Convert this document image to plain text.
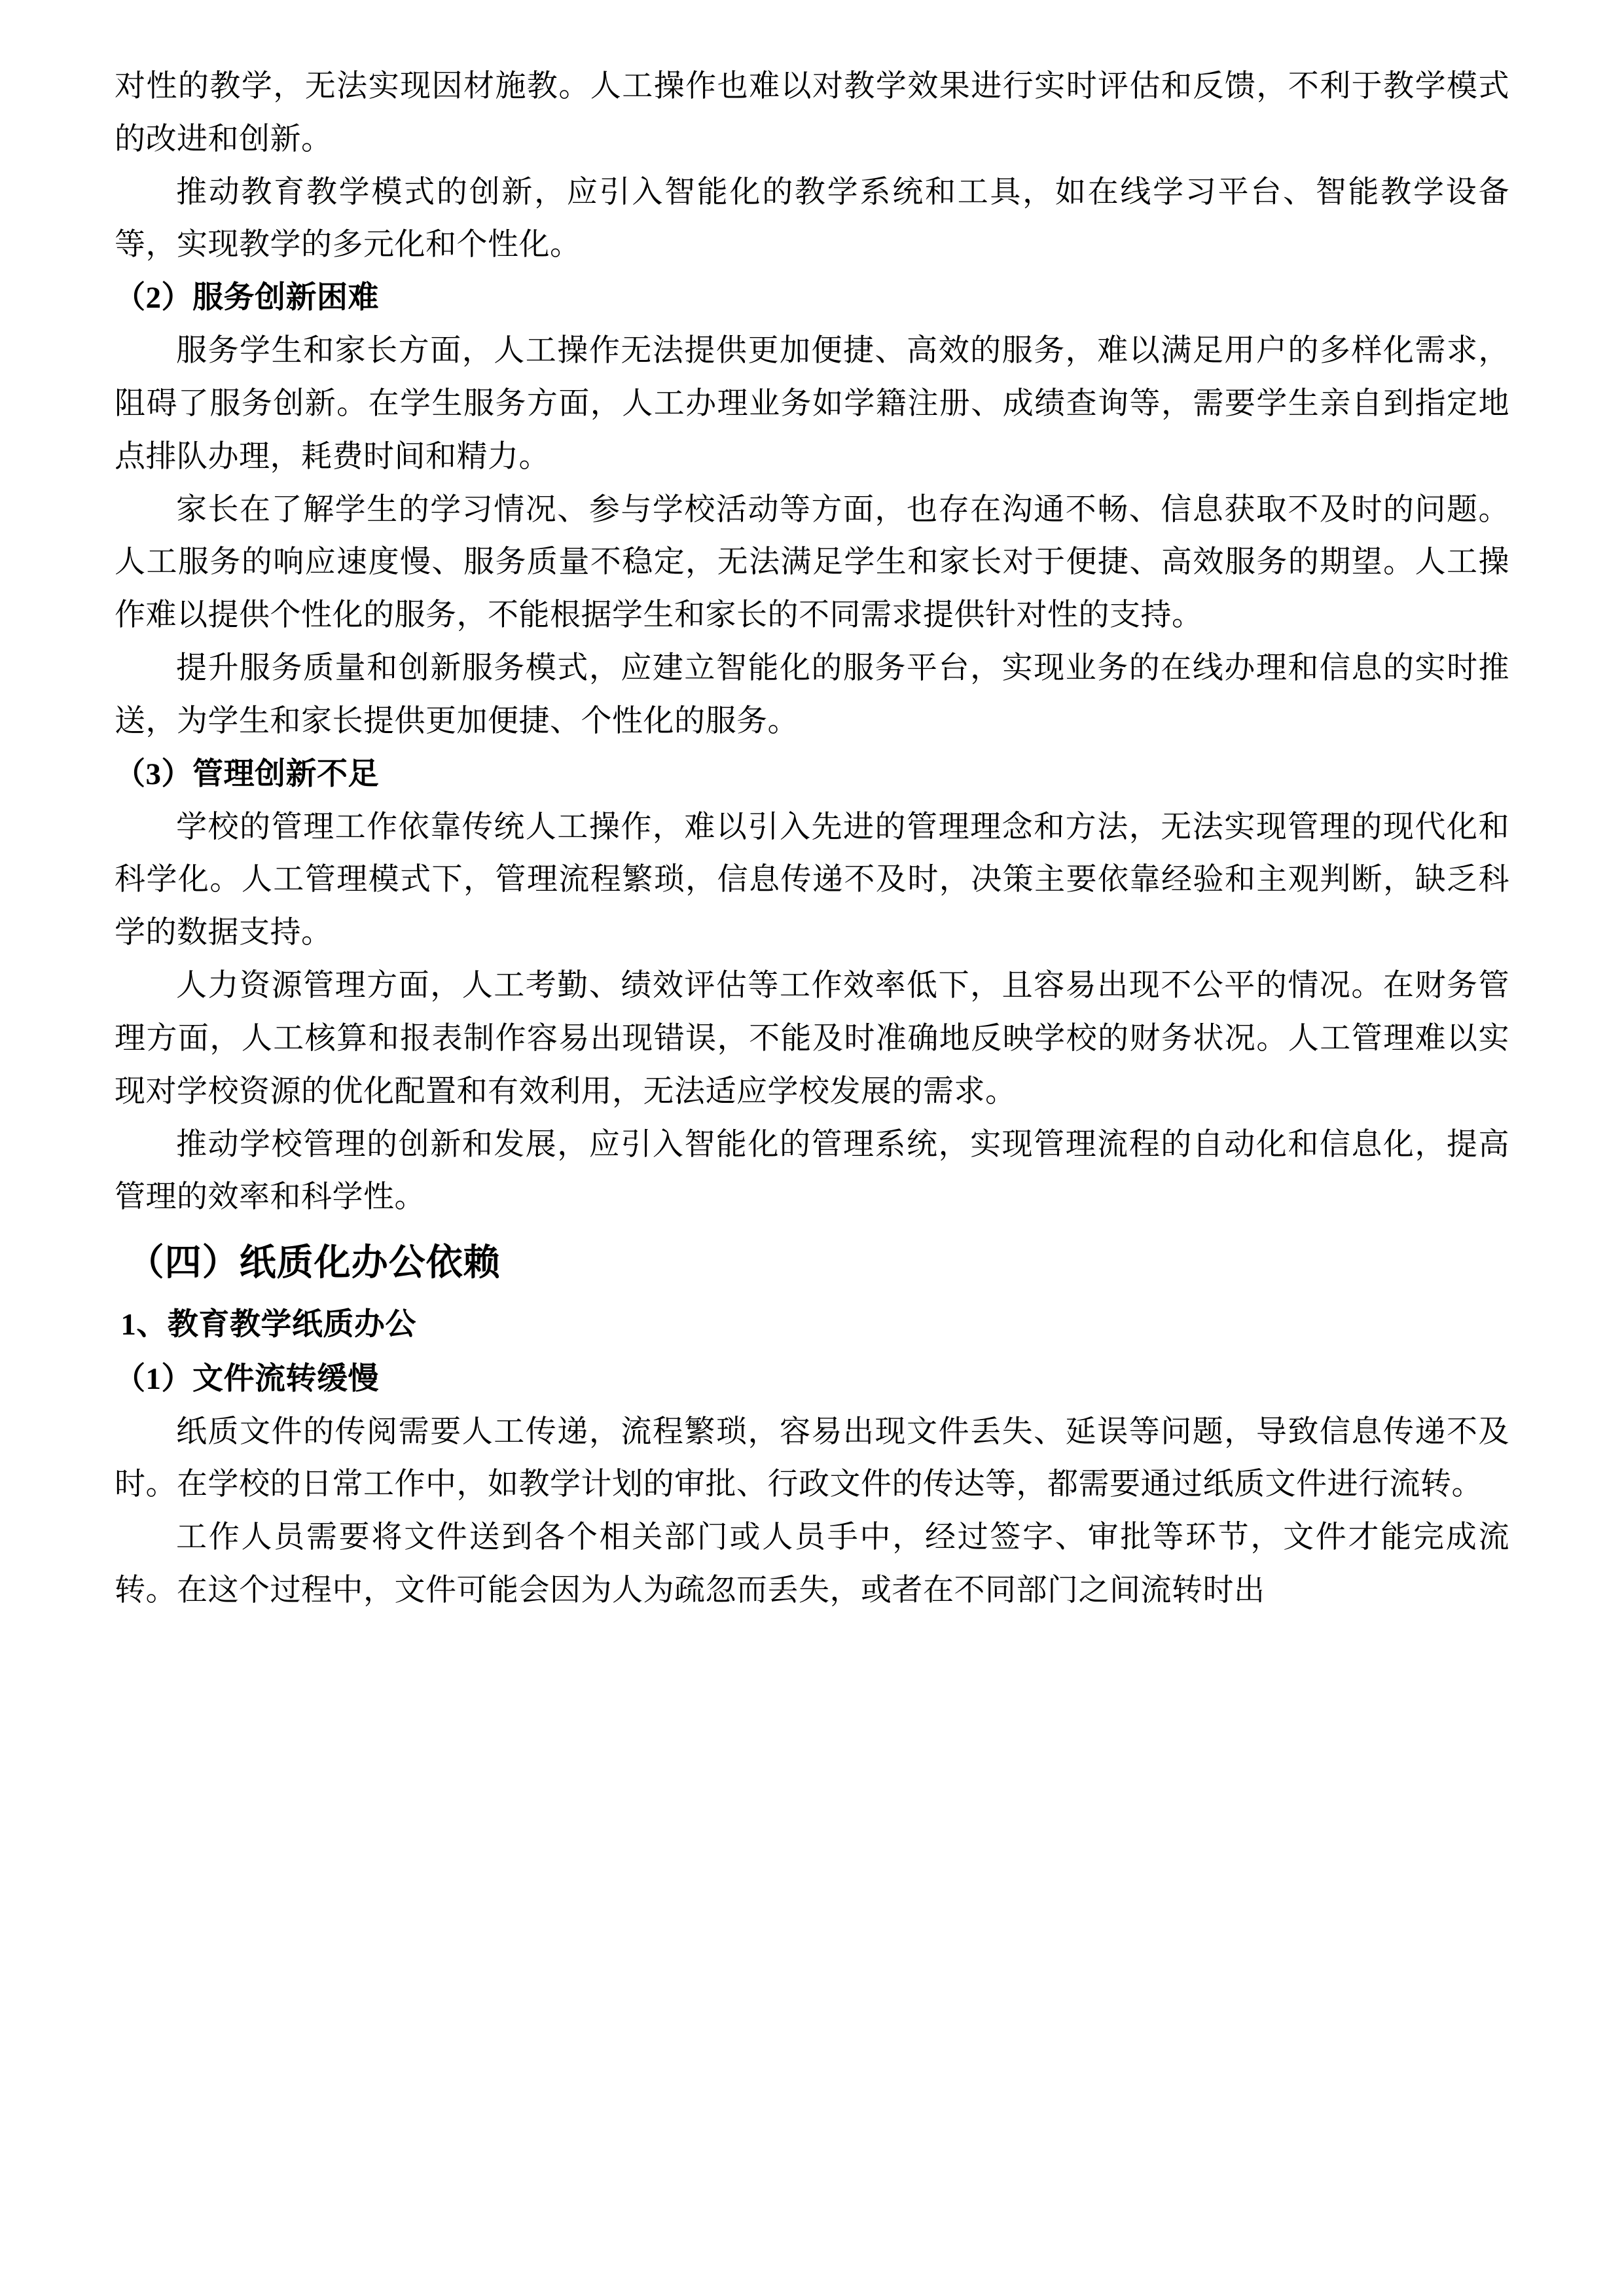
对性的教学，无法实现因材施教。人工操作也难以对教学效果进行实时评估和反馈，不利于教学模式的改进和创新。

推动教育教学模式的创新，应引入智能化的教学系统和工具，如在线学习平台、智能教学设备等，实现教学的多元化和个性化。

（2）服务创新困难

服务学生和家长方面，人工操作无法提供更加便捷、高效的服务，难以满足用户的多样化需求，阻碍了服务创新。在学生服务方面，人工办理业务如学籍注册、成绩查询等，需要学生亲自到指定地点排队办理，耗费时间和精力。

家长在了解学生的学习情况、参与学校活动等方面，也存在沟通不畅、信息获取不及时的问题。人工服务的响应速度慢、服务质量不稳定，无法满足学生和家长对于便捷、高效服务的期望。人工操作难以提供个性化的服务，不能根据学生和家长的不同需求提供针对性的支持。

提升服务质量和创新服务模式，应建立智能化的服务平台，实现业务的在线办理和信息的实时推送，为学生和家长提供更加便捷、个性化的服务。

（3）管理创新不足

学校的管理工作依靠传统人工操作，难以引入先进的管理理念和方法，无法实现管理的现代化和科学化。人工管理模式下，管理流程繁琐，信息传递不及时，决策主要依靠经验和主观判断，缺乏科学的数据支持。

人力资源管理方面，人工考勤、绩效评估等工作效率低下，且容易出现不公平的情况。在财务管理方面，人工核算和报表制作容易出现错误，不能及时准确地反映学校的财务状况。人工管理难以实现对学校资源的优化配置和有效利用，无法适应学校发展的需求。

推动学校管理的创新和发展，应引入智能化的管理系统，实现管理流程的自动化和信息化，提高管理的效率和科学性。

（四）纸质化办公依赖
1、教育教学纸质办公
（1）文件流转缓慢

纸质文件的传阅需要人工传递，流程繁琐，容易出现文件丢失、延误等问题，导致信息传递不及时。在学校的日常工作中，如教学计划的审批、行政文件的传达等，都需要通过纸质文件进行流转。

工作人员需要将文件送到各个相关部门或人员手中，经过签字、审批等环节，文件才能完成流转。在这个过程中，文件可能会因为人为疏忽而丢失，或者在不同部门之间流转时出
